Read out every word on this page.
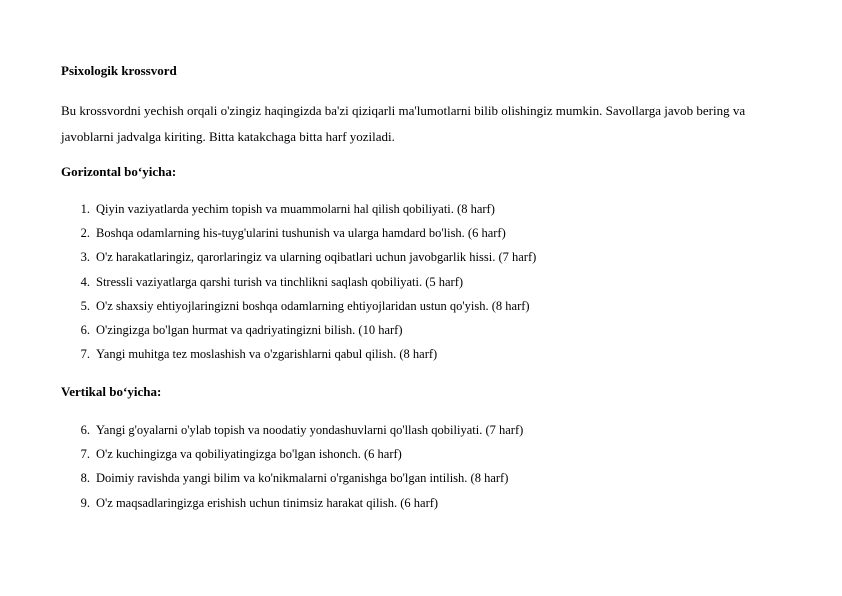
Psixologik krossvord
Bu krossvordni yechish orqali o'zingiz haqingizda ba'zi qiziqarli ma'lumotlarni bilib olishingiz mumkin. Savollarga javob bering va javoblarni jadvalga kiriting. Bitta katakchaga bitta harf yoziladi.
Gorizontal bo‘yicha:
1. Qiyin vaziyatlarda yechim topish va muammolarni hal qilish qobiliyati. (8 harf)
2. Boshqa odamlarning his-tuyg'ularini tushunish va ularga hamdard bo'lish. (6 harf)
3. O'z harakatlaringiz, qarorlaringiz va ularning oqibatlari uchun javobgarlik hissi. (7 harf)
4. Stressli vaziyatlarga qarshi turish va tinchlikni saqlash qobiliyati. (5 harf)
5. O'z shaxsiy ehtiyojlaringizni boshqa odamlarning ehtiyojlaridan ustun qo'yish. (8 harf)
6. O'zingizga bo'lgan hurmat va qadriyatingizni bilish. (10 harf)
7. Yangi muhitga tez moslashish va o'zgarishlarni qabul qilish. (8 harf)
Vertikal bo‘yicha:
6. Yangi g'oyalarni o'ylab topish va noodatiy yondashuvlarni qo'llash qobiliyati. (7 harf)
7. O'z kuchingizga va qobiliyatingizga bo'lgan ishonch. (6 harf)
8. Doimiy ravishda yangi bilim va ko'nikmalarni o'rganishga bo'lgan intilish. (8 harf)
9. O'z maqsadlaringizga erishish uchun tinimsiz harakat qilish. (6 harf)
